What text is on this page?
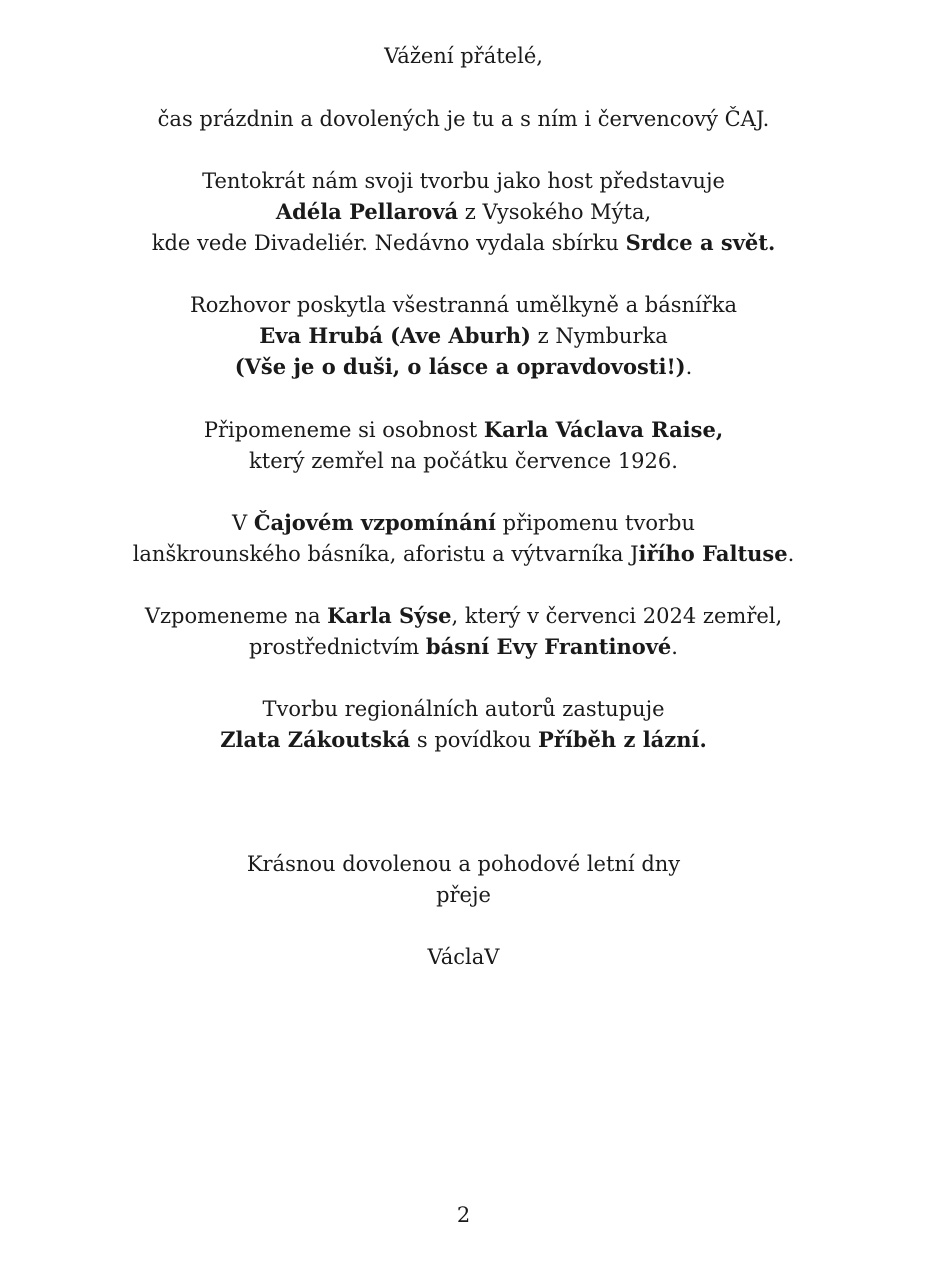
Vážení přátelé,
čas prázdnin a dovolených je tu a s ním i červencový ČAJ.
Tentokrát nám svoji tvorbu jako host představuje
Adéla Pellarová z Vysokého Mýta,
kde vede Divadeliér. Nedávno vydala sbírku Srdce a svět.
Rozhovor poskytla všestranná umělkyně a básnířka
Eva Hrubá (Ave Aburh) z Nymburka
(Vše je o duši, o lásce a opravdovosti!).
Připomeneme si osobnost Karla Václava Raise,
který zemřel na počátku července 1926.
V Čajovém vzpomínání připomenu tvorbu
lanškrounského básníka, aforistu a výtvarníka Jiřího Faltuse.
Vzpomeneme na Karla Sýse, který v červenci 2024 zemřel,
prostřednictvím básní Evy Frantinové.
Tvorbu regionálních autorů zastupuje
Zlata Zákoutská s povídkou Příběh z lázní.
Krásnou dovolenou a pohodové letní dny
přeje
VáclaV
2
